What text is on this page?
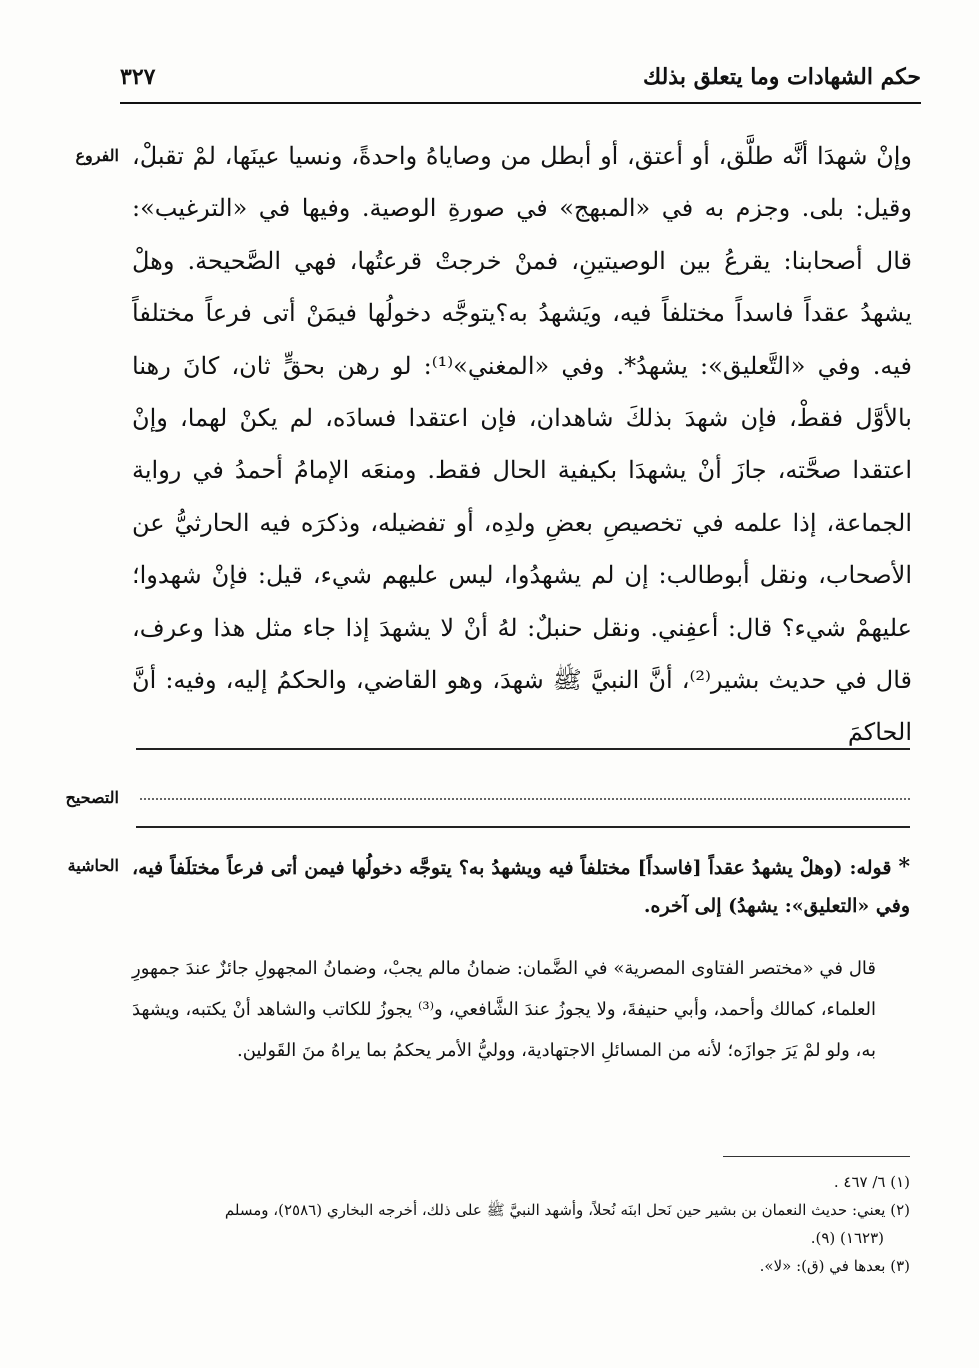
حكم الشهادات وما يتعلق بذلك
٣٢٧
الفروع
التصحيح
الحاشية
وإنْ شهدَا أنَّه طلَّق، أو أعتق، أو أبطل من وصاياهُ واحدةً، ونسيا عينَها، لمْ تقبلْ، وقيل: بلى. وجزم به في «المبهج» في صورةِ الوصية. وفيها في «الترغيب»: قال أصحابنا: يقرعُ بين الوصيتينِ، فمنْ خرجتْ قرعتُها، فهي الصَّحيحة. وهلْ يشهدُ عقداً فاسداً مختلفاً فيه، ويَشهدُ به؟يتوجَّه دخولُها فيمَنْ أتى فرعاً مختلفاً فيه. وفي «التَّعليق»: يشهدُ*. وفي «المغني»⁽¹⁾: لو رهن بحقٍّ ثان، كانَ رهنا بالأوَّل فقطْ، فإن شهدَ بذلكَ شاهدان، فإن اعتقدا فسادَه، لم يكنْ لهما، وإنْ اعتقدا صحَّته، جازَ أنْ يشهدَا بكيفية الحال فقط. ومنعَه الإمامُ أحمدُ في رواية الجماعة، إذا علمه في تخصيصِ بعضِ ولدِه، أو تفضيله، وذكرَه فيه الحارثيُّ عن الأصحاب، ونقل أبوطالب: إن لم يشهدُوا، ليس عليهم شيء، قيل: فإنْ شهدوا؛ عليهمْ شيء؟ قال: أعفِني. ونقل حنبلٌ: لهُ أنْ لا يشهدَ إذا جاء مثل هذا وعرف، قال في حديث بشير⁽²⁾، أنَّ النبيَّ ﷺ شهدَ، وهو القاضي، والحكمُ إليه، وفيه: أنَّ الحاكمَ
* قوله: (وهلْ يشهدُ عقداً [فاسداً] مختلفاً فيه ويشهدُ به؟ يتوجَّه دخولُها فيمن أتى فرعاً مختلَفاً فيه، وفي «التعليق»: يشهدُ) إلى آخره.
قال في «مختصر الفتاوى المصرية» في الضَّمان: ضمانُ مالم يجبْ، وضمانُ المجهولِ جائزٌ عندَ جمهورِ العلماء، كمالك وأحمد، وأبي حنيفةَ، ولا يجوزُ عندَ الشَّافعي، و⁽³⁾ يجوزُ للكاتب والشاهد أنْ يكتبه، ويشهدَ به، ولو لمْ يَرَ جوازَه؛ لأنه من المسائلِ الاجتهادية، ووليُّ الأمر يحكمُ بما يراهُ منَ القَولين.

(١) ٦/ ٤٦٧ .

(٢) يعني: حديث النعمان بن بشير حين نَحل ابنَه نُحلاً، وأشهد النبيَّ ﷺ على ذلك، أخرجه البخاري (٢٥٨٦)، ومسلم

(١٦٢٣) (٩).

(٣) بعدها في (ق): «لا».
